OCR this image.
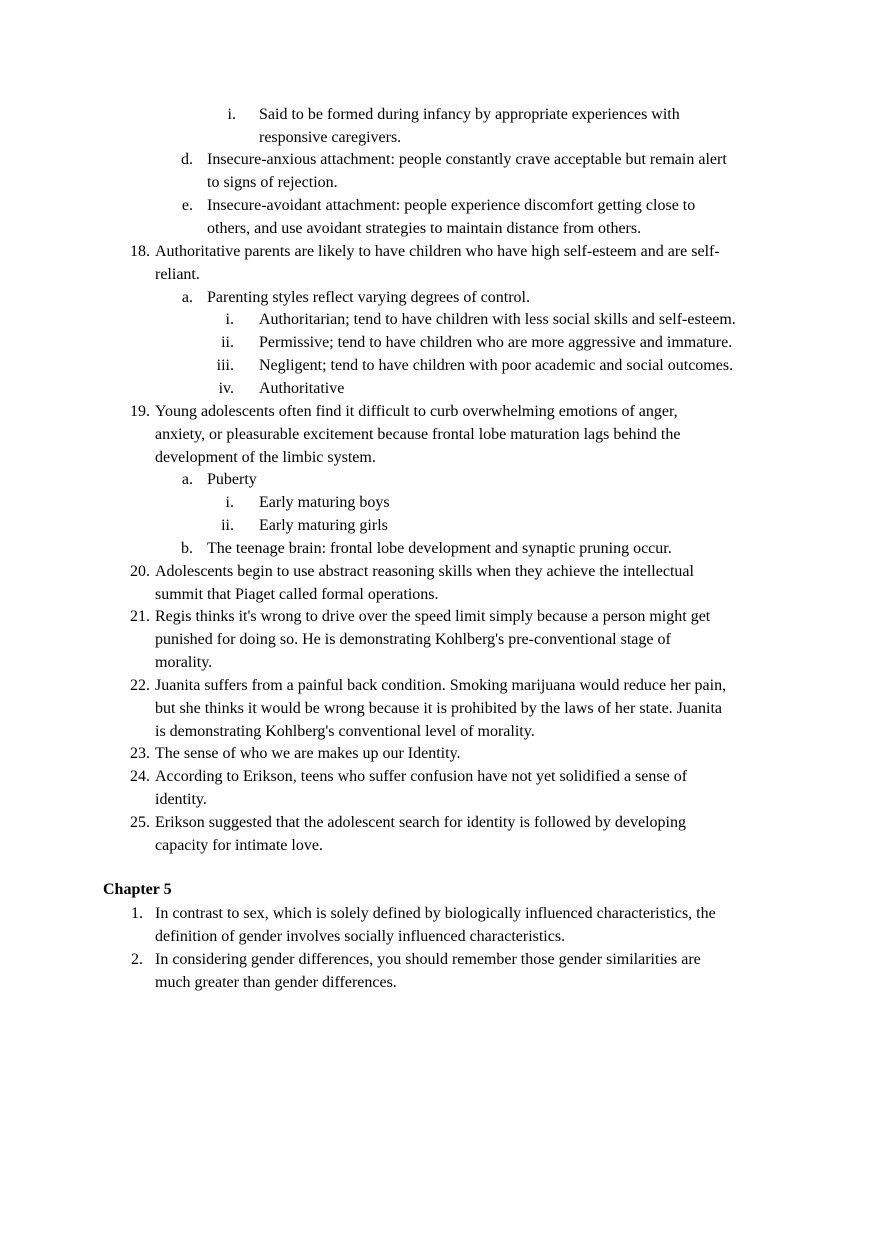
i. Said to be formed during infancy by appropriate experiences with
responsive caregivers.
d. Insecure-anxious attachment: people constantly crave acceptable but remain alert
to signs of rejection.
e. Insecure-avoidant attachment: people experience discomfort getting close to
others, and use avoidant strategies to maintain distance from others.
18. Authoritative parents are likely to have children who have high self-esteem and are self-
reliant.
a. Parenting styles reflect varying degrees of control.
i. Authoritarian; tend to have children with less social skills and self-esteem.
ii. Permissive; tend to have children who are more aggressive and immature.
iii. Negligent; tend to have children with poor academic and social outcomes.
iv. Authoritative
19. Young adolescents often find it difficult to curb overwhelming emotions of anger,
anxiety, or pleasurable excitement because frontal lobe maturation lags behind the
development of the limbic system.
a. Puberty
i. Early maturing boys
ii. Early maturing girls
b. The teenage brain: frontal lobe development and synaptic pruning occur.
20. Adolescents begin to use abstract reasoning skills when they achieve the intellectual
summit that Piaget called formal operations.
21. Regis thinks it's wrong to drive over the speed limit simply because a person might get
punished for doing so. He is demonstrating Kohlberg's pre-conventional stage of
morality.
22. Juanita suffers from a painful back condition. Smoking marijuana would reduce her pain,
but she thinks it would be wrong because it is prohibited by the laws of her state. Juanita
is demonstrating Kohlberg's conventional level of morality.
23. The sense of who we are makes up our Identity.
24. According to Erikson, teens who suffer confusion have not yet solidified a sense of
identity.
25. Erikson suggested that the adolescent search for identity is followed by developing
capacity for intimate love.
Chapter 5
1. In contrast to sex, which is solely defined by biologically influenced characteristics, the
definition of gender involves socially influenced characteristics.
2. In considering gender differences, you should remember those gender similarities are
much greater than gender differences.
